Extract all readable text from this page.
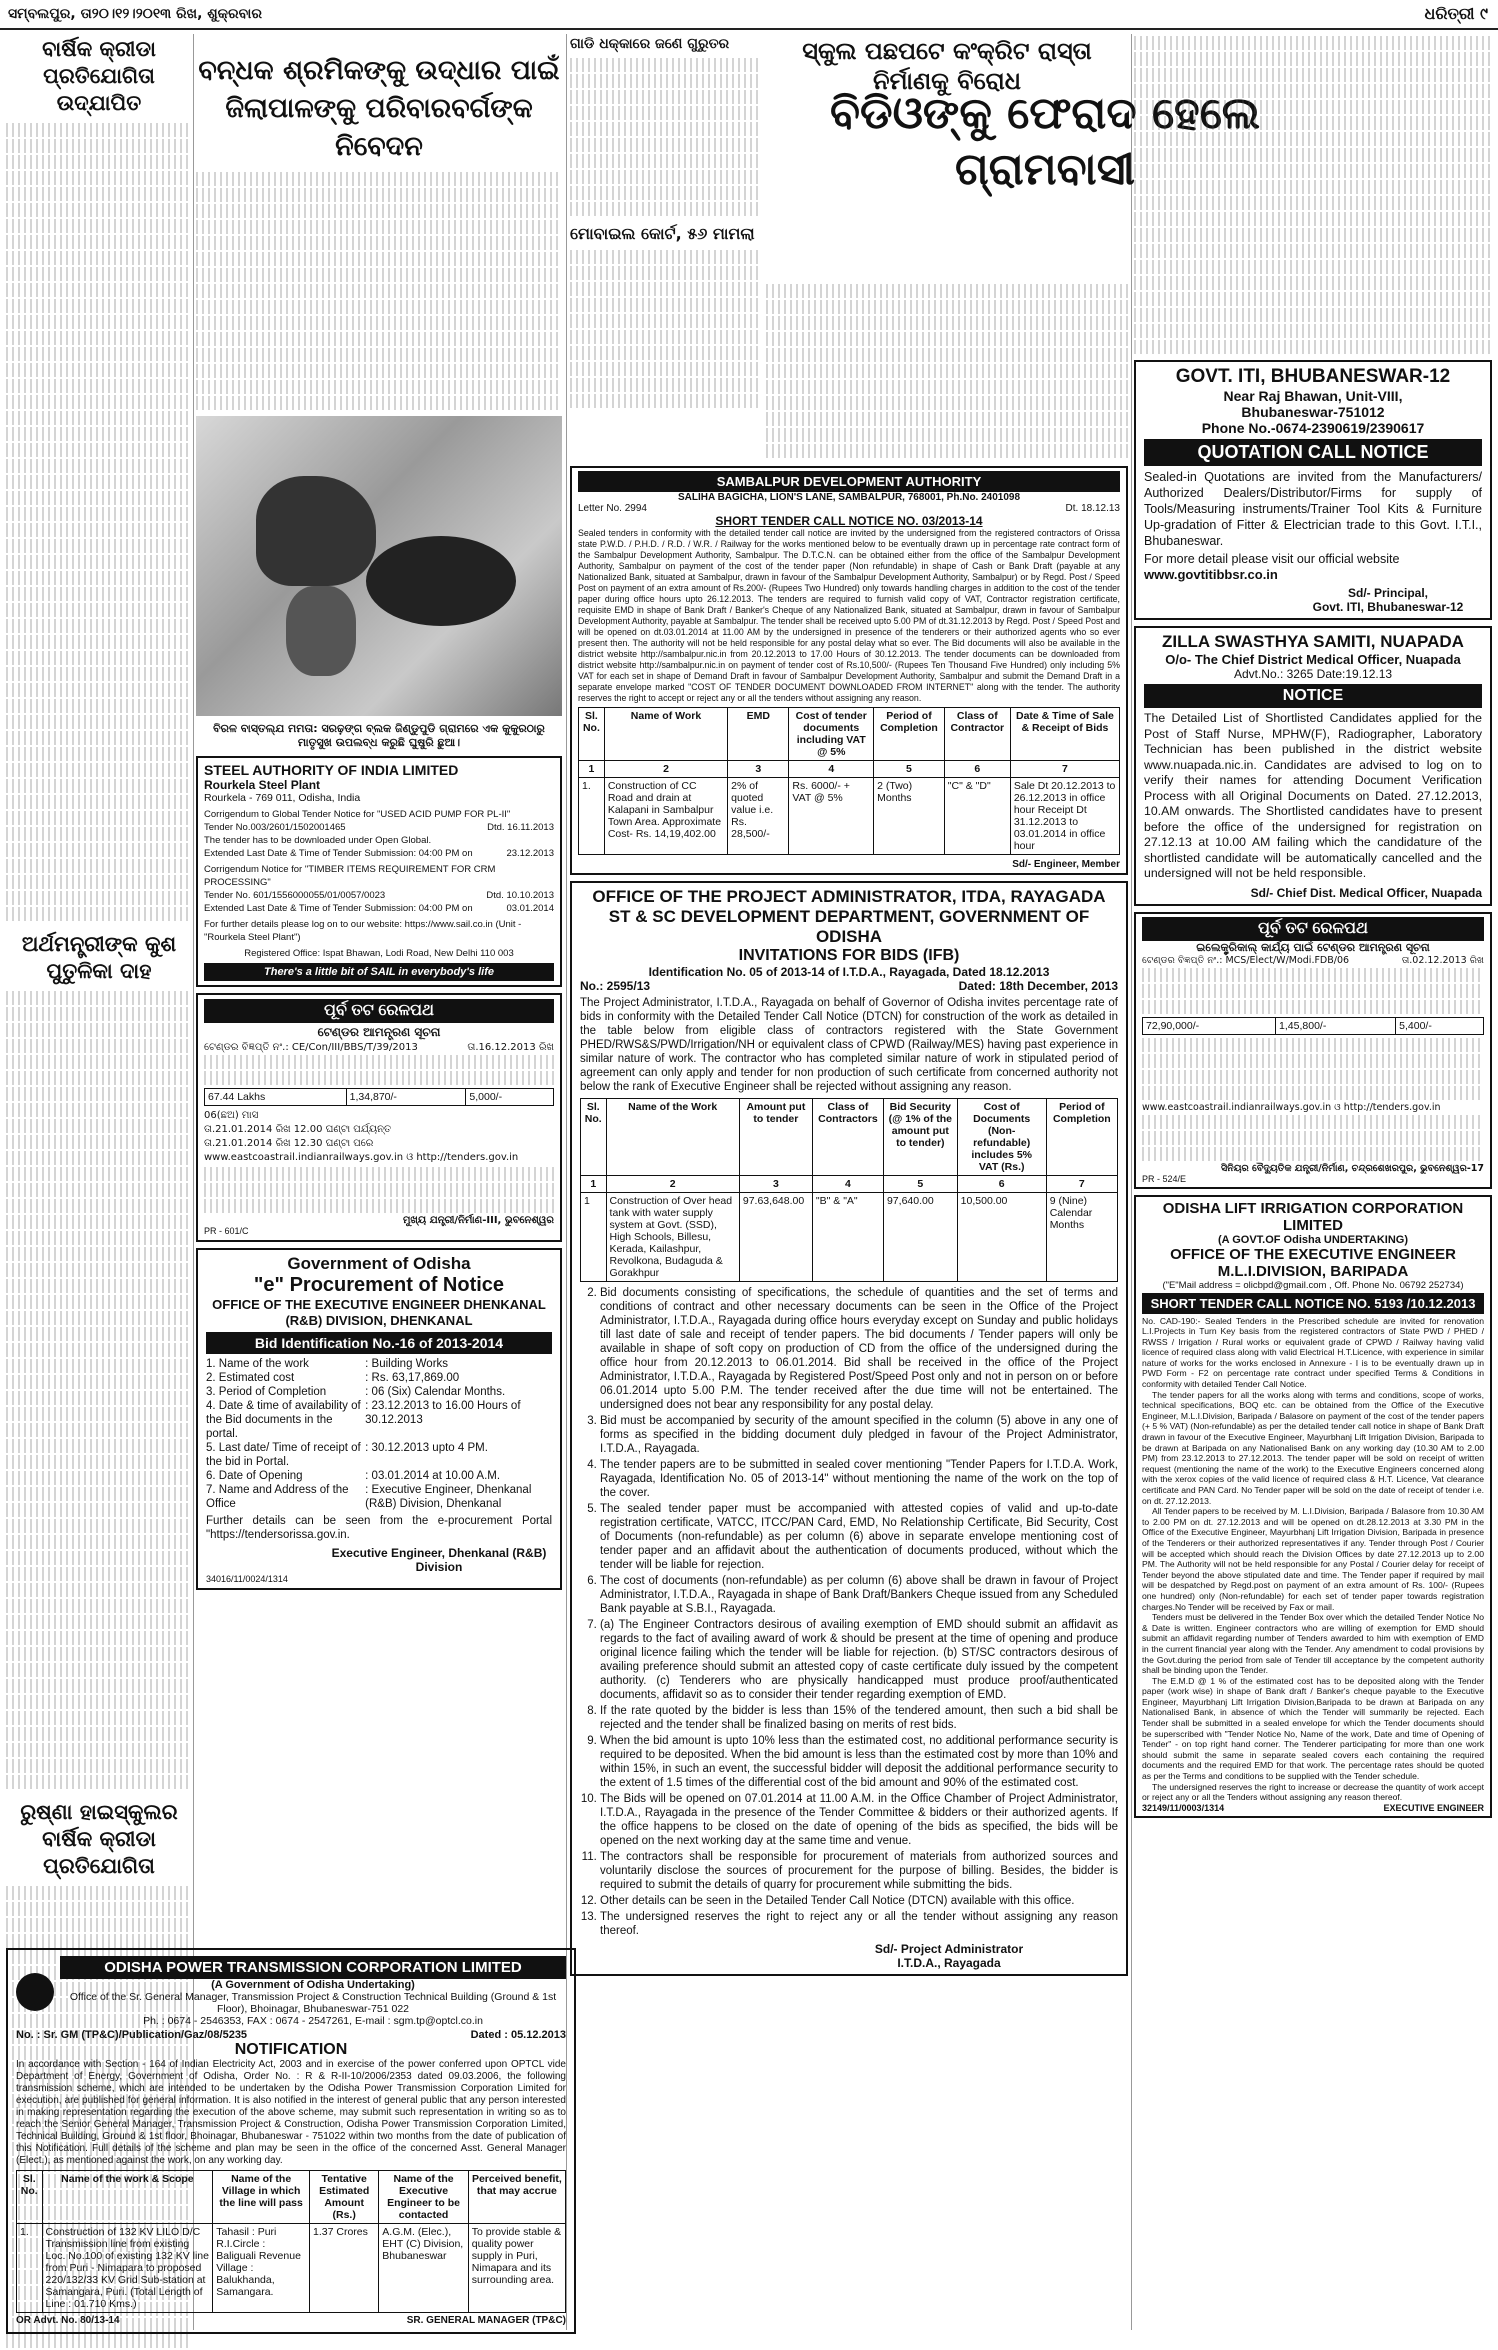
ସମ୍ବଲପୁର, ତା୨୦।୧୨।୨୦୧୩ ରିଖ, ଶୁକ୍ରବାର	ଧରିତ୍ରୀ ୯
ବାର୍ଷିକ କ୍ରୀଡା ପ୍ରତିଯୋଗିତା ଉଦ୍ଯାପିତ
ଅର୍ଥମନ୍ତ୍ରୀଙ୍କ କୁଶ ପୁତୁଳିକା ଦାହ
ରୁଷ୍ଣା ହାଇସ୍କୁଲର ବାର୍ଷିକ କ୍ରୀଡା ପ୍ରତିଯୋଗିତା
ବନ୍ଧକ ଶ୍ରମିକଙ୍କୁ ଉଦ୍ଧାର ପାଇଁ ଜିଲାପାଳଙ୍କୁ ପରିବାରବର୍ଗଙ୍କ ନିବେଦନ
ବିରଳ ବାସ୍ତଲ୍ଯ ମମତା: ସରଢ଼ଙ୍ଗ ବ୍ଲକ ଜିଣ୍ଡୁପୁଡି ଗ୍ରାମରେ ଏକ କୁକୁରଠାରୁ ମାତୃସୁଖ ଉପଲବ୍ଧ କରୁଛି ଘୁଷୁରି ଛୁଆ।
STEEL AUTHORITY OF INDIA LIMITED
Rourkela Steel Plant
Rourkela - 769 011, Odisha, India
Corrigendum to Global Tender Notice for "USED ACID PUMP FOR PL-II"
Tender No.003/2601/1502001465	Dtd. 16.11.2013
The tender has to be downloaded under Open Global.
Extended Last Date & Time of Tender Submission: 04:00 PM on	23.12.2013
Corrigendum Notice for "TIMBER ITEMS REQUIREMENT FOR CRM PROCESSING"
Tender No. 601/1556000055/01/0057/0023	Dtd. 10.10.2013
Extended Last Date & Time of Tender Submission: 04:00 PM on	03.01.2014
For further details please log on to our website: https://www.sail.co.in (Unit - "Rourkela Steel Plant")
Registered Office: Ispat Bhawan, Lodi Road, New Delhi 110 003
There's a little bit of SAIL in everybody's life
ପୂର୍ବ ତଟ ରେଳପଥ
ଟେଣ୍ଡର ଆମନ୍ତ୍ରଣ ସୂଚନା
ଟେଣ୍ଡର ବିଜ୍ଞପ୍ତି ନଂ.: CE/Con/III/BBS/T/39/2013	ତା.16.12.2013 ରିଖ
67.44 Lakhs	1,34,870/-	5,000/-
06(ଛଅ) ମାସ
ତା.21.01.2014 ରିଖ 12.00 ଘଣ୍ଟା ପର୍ଯ୍ୟନ୍ତ
ତା.21.01.2014 ରିଖ 12.30 ଘଣ୍ଟା ପରେ
www.eastcoastrail.indianrailways.gov.in ଓ http://tenders.gov.in
ମୁଖ୍ୟ ଯନ୍ତ୍ରୀ/ନିର୍ମାଣ-III, ଭୁବନେଶ୍ୱର
PR - 601/C
Government of Odisha
"e" Procurement of Notice
OFFICE OF THE EXECUTIVE ENGINEER DHENKANAL (R&B) DIVISION, DHENKANAL
Bid Identification No.-16 of 2013-2014
1. Name of the work	: Building Works
2. Estimated cost	: Rs. 63,17,869.00
3. Period of Completion	: 06 (Six) Calendar Months.
4. Date & time of availability of the Bid documents in the portal.
: 23.12.2013 to 16.00 Hours of 30.12.2013
5. Last date/ Time of receipt of the bid in Portal.
: 30.12.2013 upto 4 PM.
6. Date of Opening	: 03.01.2014 at 10.00 A.M.
7. Name and Address of the Office
: Executive Engineer, Dhenkanal (R&B) Division, Dhenkanal
Further details can be seen from the e-procurement Portal "https://tendersorissa.gov.in.
Executive Engineer, Dhenkanal (R&B) Division
34016/11/0024/1314
ODISHA POWER TRANSMISSION CORPORATION LIMITED
(A Government of Odisha Undertaking)
Office of the Sr. General Manager, Transmission Project & Construction Technical Building (Ground & 1st Floor), Bhoinagar, Bhubaneswar-751 022
Ph. : 0674 - 2546353, FAX : 0674 - 2547261, E-mail : sgm.tp@optcl.co.in
No. : Sr. GM (TP&C)/Publication/Gaz/08/5235	Dated : 05.12.2013
NOTIFICATION
In accordance with Section - 164 of Indian Electricity Act, 2003 and in exercise of the power conferred upon OPTCL vide Department of Energy, Government of Odisha, Order No. : R & R-II-10/2006/2353 dated 09.03.2006, the following transmission scheme, which are intended to be undertaken by the Odisha Power Transmission Corporation Limited for execution, are published for general information. It is also notified in the interest of general public that any person interested in making representation regarding the execution of the above scheme, may submit such representation in writing so as to reach the Senior General Manager, Transmission Project & Construction, Odisha Power Transmission Corporation Limited, Technical Building, Ground & 1st floor, Bhoinagar, Bhubaneswar - 751022 within two months from the date of publication of this Notification. Full details of the scheme and plan may be seen in the office of the concerned Asst. General Manager (Elect.), as mentioned against the work, on any working day.
Sl. No.	Name of the work & Scope	Name of the Village in which the line will pass	Tentative Estimated Amount (Rs.)	Name of the Executive Engineer to be contacted	Perceived benefit, that may accrue
1.	Construction of 132 KV LILO D/C Transmission line from existing Loc. No.100 of existing 132 KV line from Puri - Nimapara to proposed 220/132/33 KV Grid Sub-station at Samangara, Puri. (Total Length of Line : 01.710 Kms.)	Tahasil : Puri R.I.Circle : Baliguali Revenue Village : Balukhanda, Samangara.	1.37 Crores	A.G.M. (Elec.), EHT (C) Division, Bhubaneswar	To provide stable & quality power supply in Puri, Nimapara and its surrounding area.
OR Advt. No. 80/13-14	SR. GENERAL MANAGER (TP&C)
ଗାଡି ଧକ୍କାରେ ଜଣେ ଗୁରୁତର	ସ୍କୁଲ ପଛପଟେ କଂକ୍ରିଟ ରାସ୍ତା ନିର୍ମାଣକୁ ବିରୋଧ
ବିଡିଓଙ୍କୁ ଫେରାଦ ହେଲେ ଗ୍ରାମବାସୀ
ମୋବାଇଲ କୋର୍ଟ, ୫୬ ମାମଲା
SAMBALPUR DEVELOPMENT AUTHORITY
SALIHA BAGICHA, LION'S LANE, SAMBALPUR, 768001, Ph.No. 2401098
Letter No. 2994	Dt. 18.12.13
SHORT TENDER CALL NOTICE NO. 03/2013-14
Sealed tenders in conformity with the detailed tender call notice are invited by the undersigned from the registered contractors of Orissa state P.W.D. / P.H.D. / R.D. / W.R. / Railway for the works mentioned below to be eventually drawn up in percentage rate contract form of the Sambalpur Development Authority, Sambalpur. The D.T.C.N. can be obtained either from the office of the Sambalpur Development Authority, Sambalpur on payment of the cost of the tender paper (Non refundable) in shape of Cash or Bank Draft (payable at any Nationalized Bank, situated at Sambalpur, drawn in favour of the Sambalpur Development Authority, Sambalpur) or by Regd. Post / Speed Post on payment of an extra amount of Rs.200/- (Rupees Two Hundred) only towards handling charges in addition to the cost of the tender paper during office hours upto 26.12.2013. The tenders are required to furnish valid copy of VAT, Contractor registration certificate, requisite EMD in shape of Bank Draft / Banker's Cheque of any Nationalized Bank, situated at Sambalpur, drawn in favour of Sambalpur Development Authority, payable at Sambalpur. The tender shall be received upto 5.00 PM of dt.31.12.2013 by Regd. Post / Speed Post and will be opened on dt.03.01.2014 at 11.00 AM by the undersigned in presence of the tenderers or their authorized agents who so ever present then. The authority will not be held responsible for any postal delay what so ever. The Bid documents will also be available in the district website http://sambalpur.nic.in from 20.12.2013 to 17.00 Hours of 30.12.2013. The tender documents can be downloaded from district website http://sambalpur.nic.in on payment of tender cost of Rs.10,500/- (Rupees Ten Thousand Five Hundred) only including 5% VAT for each set in shape of Demand Draft in favour of Sambalpur Development Authority, Sambalpur and submit the Demand Draft in a separate envelope marked "COST OF TENDER DOCUMENT DOWNLOADED FROM INTERNET" along with the tender. The authority reserves the right to accept or reject any or all the tenders without assigning any reason.
Sl. No.	Name of Work	EMD	Cost of tender documents including VAT @ 5%	Period of Completion	Class of Contractor	Date & Time of Sale & Receipt of Bids
1	2	3	4	5	6	7
1.	Construction of CC Road and drain at Kalapani in Sambalpur Town Area. Approximate Cost- Rs. 14,19,402.00	2% of quoted value i.e. Rs. 28,500/-	Rs. 6000/- + VAT @ 5%	2 (Two) Months	"C" & "D"	Sale Dt 20.12.2013 to 26.12.2013 in office hour Receipt Dt 31.12.2013 to 03.01.2014 in office hour
Sd/- Engineer, Member
OFFICE OF THE PROJECT ADMINISTRATOR, ITDA, RAYAGADA
ST & SC DEVELOPMENT DEPARTMENT, GOVERNMENT OF ODISHA
INVITATIONS FOR BIDS (IFB)
Identification No. 05 of 2013-14 of I.T.D.A., Rayagada, Dated 18.12.2013
No.: 2595/13	Dated: 18th December, 2013
The Project Administrator, I.T.D.A., Rayagada on behalf of Governor of Odisha invites percentage rate of bids in conformity with the Detailed Tender Call Notice (DTCN) for construction of the work as detailed in the table below from eligible class of contractors registered with the State Government PHED/RWS&S/PWD/Irrigation/NH or equivalent class of CPWD (Railway/MES) having past experience in similar nature of work. The contractor who has completed similar nature of work in stipulated period of agreement can only apply and tender for non production of such certificate from concerned authority not below the rank of Executive Engineer shall be rejected without assigning any reason.
Sl. No.	Name of the Work	Amount put to tender	Class of Contractors	Bid Security (@ 1% of the amount put to tender)	Cost of Documents (Non-refundable) includes 5% VAT (Rs.)	Period of Completion
1	2	3	4	5	6	7
1	Construction of Over head tank with water supply system at Govt. (SSD), High Schools, Billesu, Kerada, Kailashpur, Revolkona, Budaguda & Gorakhpur	97.63,648.00	"B" & "A"	97,640.00	10,500.00	9 (Nine) Calendar Months
2. Bid documents consisting of specifications, the schedule of quantities and the set of terms and conditions of contract and other necessary documents can be seen in the Office of the Project Administrator, I.T.D.A., Rayagada during office hours everyday except on Sunday and public holidays till last date of sale and receipt of tender papers. The bid documents / Tender papers will only be available in shape of soft copy on production of CD from the office of the undersigned during the office hour from 20.12.2013 to 06.01.2014. Bid shall be received in the office of the Project Administrator, I.T.D.A., Rayagada by Registered Post/Speed Post only and not in person on or before 06.01.2014 upto 5.00 P.M. The tender received after the due time will not be entertained. The undersigned does not bear any responsibility for any postal delay.
3. Bid must be accompanied by security of the amount specified in the column (5) above in any one of forms as specified in the bidding document duly pledged in favour of the Project Administrator, I.T.D.A., Rayagada.
4. The tender papers are to be submitted in sealed cover mentioning "Tender Papers for I.T.D.A. Work, Rayagada, Identification No. 05 of 2013-14" without mentioning the name of the work on the top of the cover.
5. The sealed tender paper must be accompanied with attested copies of valid and up-to-date registration certificate, VATCC, ITCC/PAN Card, EMD, No Relationship Certificate, Bid Security, Cost of Documents (non-refundable) as per column (6) above in separate envelope mentioning cost of tender paper and an affidavit about the authentication of documents produced, without which the tender will be liable for rejection.
6. The cost of documents (non-refundable) as per column (6) above shall be drawn in favour of Project Administrator, I.T.D.A., Rayagada in shape of Bank Draft/Bankers Cheque issued from any Scheduled Bank payable at S.B.I., Rayagada.
7. (a) The Engineer Contractors desirous of availing exemption of EMD should submit an affidavit as regards to the fact of availing award of work & should be present at the time of opening and produce original licence failing which the tender will be liable for rejection. (b) ST/SC contractors desirous of availing preference should submit an attested copy of caste certificate duly issued by the competent authority. (c) Tenderers who are physically handicapped must produce proof/authenticated documents, affidavit so as to consider their tender regarding exemption of EMD.
8. If the rate quoted by the bidder is less than 15% of the tendered amount, then such a bid shall be rejected and the tender shall be finalized basing on merits of rest bids.
9. When the bid amount is upto 10% less than the estimated cost, no additional performance security is required to be deposited. When the bid amount is less than the estimated cost by more than 10% and within 15%, in such an event, the successful bidder will deposit the additional performance security to the extent of 1.5 times of the differential cost of the bid amount and 90% of the estimated cost.
10. The Bids will be opened on 07.01.2014 at 11.00 A.M. in the Office Chamber of Project Administrator, I.T.D.A., Rayagada in the presence of the Tender Committee & bidders or their authorized agents. If the office happens to be closed on the date of opening of the bids as specified, the bids will be opened on the next working day at the same time and venue.
11. The contractors shall be responsible for procurement of materials from authorized sources and voluntarily disclose the sources of procurement for the purpose of billing. Besides, the bidder is required to submit the details of quarry for procurement while submitting the bids.
12. Other details can be seen in the Detailed Tender Call Notice (DTCN) available with this office.
13. The undersigned reserves the right to reject any or all the tender without assigning any reason thereof.
Sd/- Project Administrator
I.T.D.A., Rayagada
GOVT. ITI, BHUBANESWAR-12
Near Raj Bhawan, Unit-VIII,
Bhubaneswar-751012
Phone No.-0674-2390619/2390617
QUOTATION CALL NOTICE
Sealed-in Quotations are invited from the Manufacturers/ Authorized Dealers/Distributor/Firms for supply of Tools/Measuring instruments/Trainer Tool Kits & Furniture Up-gradation of Fitter & Electrician trade to this Govt. I.T.I., Bhubaneswar.
For more detail please visit our official website
www.govtitibbsr.co.in
Sd/- Principal,
Govt. ITI, Bhubaneswar-12
ZILLA SWASTHYA SAMITI, NUAPADA
O/o- The Chief District Medical Officer, Nuapada
Advt.No.: 3265 Date:19.12.13
NOTICE
The Detailed List of Shortlisted Candidates applied for the Post of Staff Nurse, MPHW(F), Radiographer, Laboratory Technician has been published in the district website www.nuapada.nic.in. Candidates are advised to log on to verify their names for attending Document Verification Process with all Original Documents on Dated. 27.12.2013, 10.AM onwards. The Shortlisted candidates have to present before the office of the undersigned for registration on 27.12.13 at 10.00 AM failing which the candidature of the shortlisted candidate will be automatically cancelled and the undersigned will not be held responsible.
Sd/- Chief Dist. Medical Officer, Nuapada
ପୂର୍ବ ତଟ ରେଳପଥ
ଇଲେକ୍ଟ୍ରିକାଲ୍ କାର୍ଯ୍ୟ ପାଇଁ ଟେଣ୍ଡର ଆମନ୍ତ୍ରଣ ସୂଚନା
ଟେଣ୍ଡର ବିଜ୍ଞପ୍ତି ନଂ.: MCS/Elect/W/Modi.FDB/06	ତା.02.12.2013 ରିଖ
72,90,000/-	1,45,800/-	5,400/-
www.eastcoastrail.indianrailways.gov.in ଓ http://tenders.gov.in
ସିନିୟର ବୈଦ୍ୟୁତିକ ଯନ୍ତ୍ରୀ/ନିର୍ମାଣ, ଚନ୍ଦ୍ରଶେଖରପୁର, ଭୁବନେଶ୍ୱର-17
PR - 524/E
ODISHA LIFT IRRIGATION CORPORATION LIMITED
(A GOVT.OF Odisha UNDERTAKING)
OFFICE OF THE EXECUTIVE ENGINEER
M.L.I.DIVISION, BARIPADA
("E"Mail address = olicbpd@gmail.com , Off. Phone No. 06792 252734)
SHORT TENDER CALL NOTICE NO. 5193 /10.12.2013
No. CAD-190:- Sealed Tenders in the Prescribed schedule are invited for renovation L.I.Projects in Turn Key basis from the registered contractors of State PWD / PHED / RWSS / Irrigation / Rural works or equivalent grade of CPWD / Railway having valid licence of required class along with valid Electrical H.T.Licence, with experience in similar nature of works for the works enclosed in Annexure - I is to be eventually drawn up in PWD Form - F2 on percentage rate contract under specified Terms & Conditions in conformity with detailed Tender Call Notice.
The tender papers for all the works along with terms and conditions, scope of works, technical specifications, BOQ etc. can be obtained from the Office of the Executive Engineer, M.L.I.Division, Baripada / Balasore on payment of the cost of the tender papers (+ 5 % VAT) (Non-refundable) as per the detailed tender call notice in shape of Bank Draft drawn in favour of the Executive Engineer, Mayurbhanj Lift Irrigation Division, Baripada to be drawn at Baripada on any Nationalised Bank on any working day (10.30 AM to 2.00 PM) from 23.12.2013 to 27.12.2013. The tender paper will be sold on receipt of written request (mentioning the name of the work) to the Executive Engineers concerned along with the xerox copies of the valid licence of required class & H.T. Licence, Vat clearance certificate and PAN Card. No Tender paper will be sold on the date of receipt of tender i.e. on dt. 27.12.2013.
All Tender papers to be received by M. L.I.Division, Baripada / Balasore from 10.30 AM to 2.00 PM on dt. 27.12.2013 and will be opened on dt.28.12.2013 at 3.30 PM in the Office of the Executive Engineer, Mayurbhanj Lift Irrigation Division, Baripada in presence of the Tenderers or their authorized representatives if any. Tender through Post / Courier will be accepted which should reach the Division Offices by date 27.12.2013 up to 2.00 PM. The Authority will not be held responsible for any Postal / Courier delay for receipt of Tender beyond the above stipulated date and time. The Tender paper if required by mail will be despatched by Regd.post on payment of an extra amount of Rs. 100/- (Rupees one hundred) only (Non-refundable) for each set of tender paper towards registration charges.No Tender will be received by Fax or mail.
Tenders must be delivered in the Tender Box over which the detailed Tender Notice No & Date is written. Engineer contractors who are willing of exemption for EMD should submit an affidavit regarding number of Tenders awarded to him with exemption of EMD in the current financial year along with the Tender. Any amendment to codal provisions by the Govt.during the period from sale of Tender till acceptance by the competent authority shall be binding upon the Tender.
The E.M.D @ 1 % of the estimated cost has to be deposited along with the Tender paper (work wise) in shape of Bank draft / Banker's cheque payable to the Executive Engineer, Mayurbhanj Lift Irrigation Division,Baripada to be drawn at Baripada on any Nationalised Bank, in absence of which the Tender will summarily be rejected. Each Tender shall be submitted in a sealed envelope for which the Tender documents should be superscribed with "Tender Notice No, Name of the work, Date and time of Opening of Tender" - on top right hand corner. The Tenderer participating for more than one work should submit the same in separate sealed covers each containing the required documents and the required EMD for that work. The percentage rates should be quoted as per the Terms and conditions to be supplied with the Tender schedule.
The undersigned reserves the right to increase or decrease the quantity of work accept or reject any or all the Tenders without assigning any reason thereof.
32149/11/0003/1314	EXECUTIVE ENGINEER
